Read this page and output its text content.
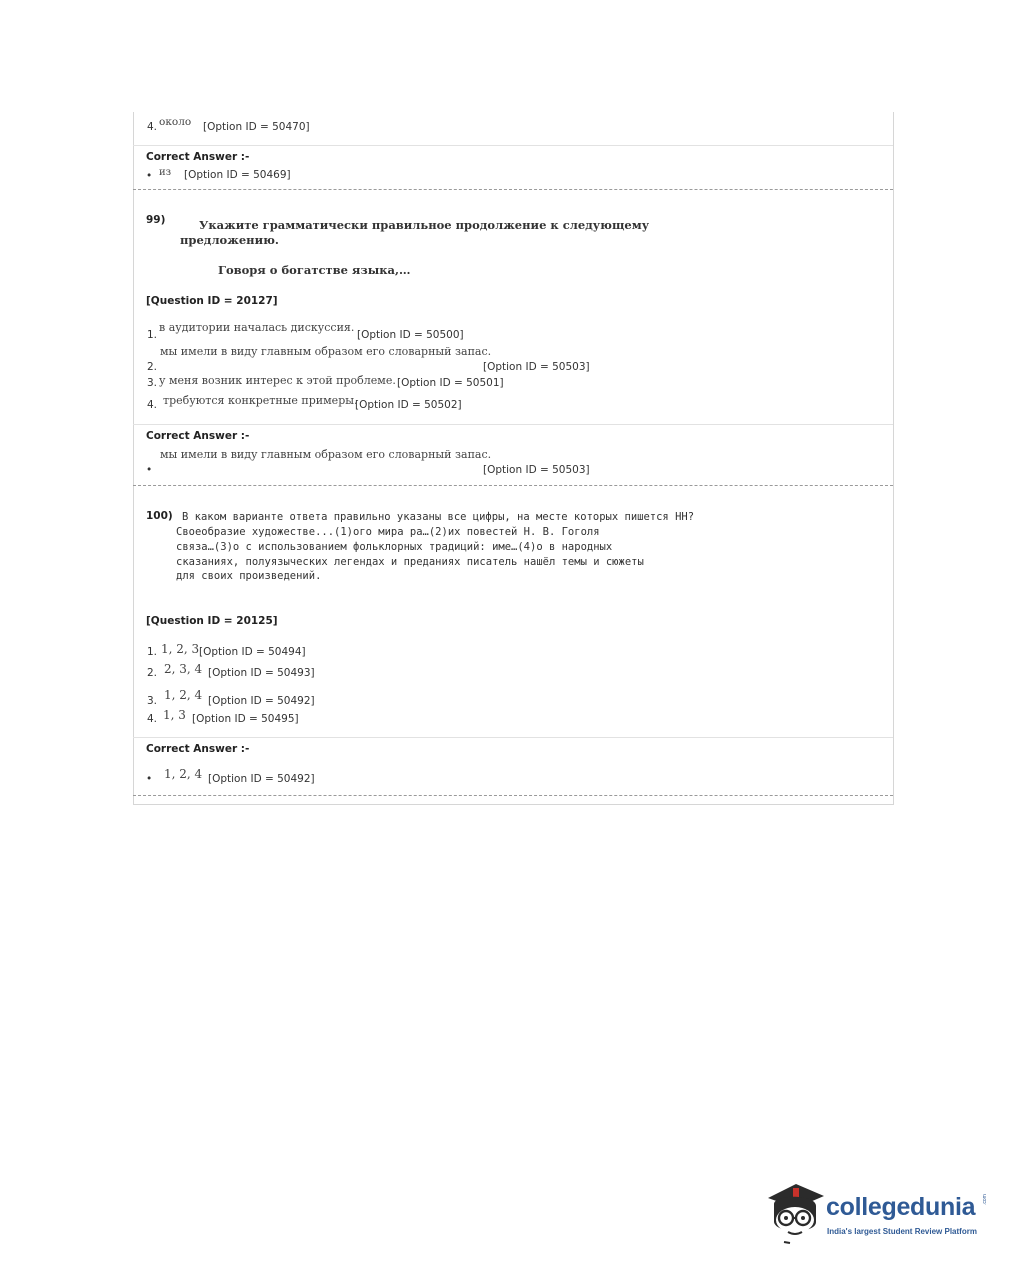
4. около [Option ID = 50470]
Correct Answer :-
•
из [Option ID = 50469]
99)	Укажите грамматически правильное продолжение к следующему
предложению.
Говоря о богатстве языка,…
[Question ID = 20127]
1.
в аудитории началась дискуссия.
[Option ID = 50500]
мы имели в виду главным образом его словарный запас.
2.	[Option ID = 50503]
3. у меня возник интерес к этой проблеме. [Option ID = 50501]
4. требуются конкретные примеры.
[Option ID = 50502]
Correct Answer :-
мы имели в виду главным образом его словарный запас.
•
[Option ID = 50503]
100) В каком варианте ответа правильно указаны все цифры, на месте которых пишется НН?
Своеобразие художестве...(1)ого мира ра…(2)их повестей Н. В. Гоголя
связа…(3)о с использованием фольклорных традиций: име…(4)о в народных
сказаниях, полуязыческих легендах и преданиях писатель нашёл темы и сюжеты
для своих произведений.
[Question ID = 20125]
1. 1, 2, 3 [Option ID = 50494]
2. 2, 3, 4 [Option ID = 50493]
3. 1, 2, 4 [Option ID = 50492]
4. 1, 3 [Option ID = 50495]
Correct Answer :-
•
1, 2, 4 [Option ID = 50492]
collegedunia .com
India's largest Student Review Platform
